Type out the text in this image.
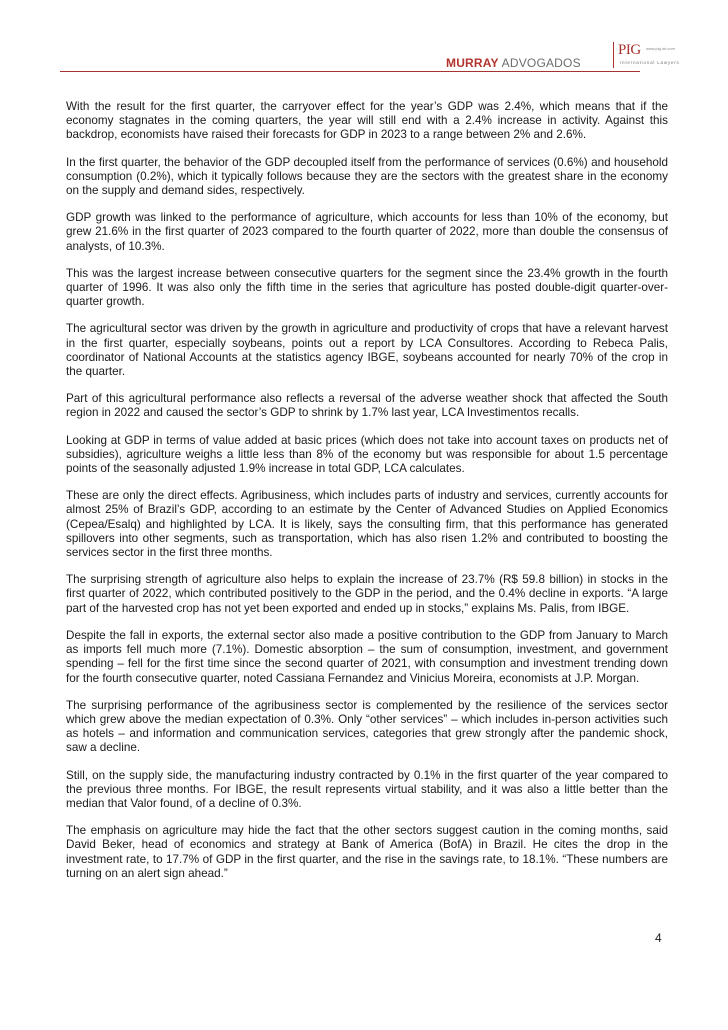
MURRAY ADVOGADOS
PIG www.pig.int.com
International Lawyers

With the result for the first quarter, the carryover effect for the year’s GDP was 2.4%, which means that if the economy stagnates in the coming quarters, the year will still end with a 2.4% increase in activity. Against this backdrop, economists have raised their forecasts for GDP in 2023 to a range between 2% and 2.6%.

In the first quarter, the behavior of the GDP decoupled itself from the performance of services (0.6%) and household consumption (0.2%), which it typically follows because they are the sectors with the greatest share in the economy on the supply and demand sides, respectively.

GDP growth was linked to the performance of agriculture, which accounts for less than 10% of the economy, but grew 21.6% in the first quarter of 2023 compared to the fourth quarter of 2022, more than double the consensus of analysts, of 10.3%.

This was the largest increase between consecutive quarters for the segment since the 23.4% growth in the fourth quarter of 1996. It was also only the fifth time in the series that agriculture has posted double-digit quarter-over-quarter growth.

The agricultural sector was driven by the growth in agriculture and productivity of crops that have a relevant harvest in the first quarter, especially soybeans, points out a report by LCA Consultores. According to Rebeca Palis, coordinator of National Accounts at the statistics agency IBGE, soybeans accounted for nearly 70% of the crop in the quarter.

Part of this agricultural performance also reflects a reversal of the adverse weather shock that affected the South region in 2022 and caused the sector’s GDP to shrink by 1.7% last year, LCA Investimentos recalls.

Looking at GDP in terms of value added at basic prices (which does not take into account taxes on products net of subsidies), agriculture weighs a little less than 8% of the economy but was responsible for about 1.5 percentage points of the seasonally adjusted 1.9% increase in total GDP, LCA calculates.

These are only the direct effects. Agribusiness, which includes parts of industry and services, currently accounts for almost 25% of Brazil’s GDP, according to an estimate by the Center of Advanced Studies on Applied Economics (Cepea/Esalq) and highlighted by LCA. It is likely, says the consulting firm, that this performance has generated spillovers into other segments, such as transportation, which has also risen 1.2% and contributed to boosting the services sector in the first three months.

The surprising strength of agriculture also helps to explain the increase of 23.7% (R$ 59.8 billion) in stocks in the first quarter of 2022, which contributed positively to the GDP in the period, and the 0.4% decline in exports. “A large part of the harvested crop has not yet been exported and ended up in stocks,” explains Ms. Palis, from IBGE.

Despite the fall in exports, the external sector also made a positive contribution to the GDP from January to March as imports fell much more (7.1%). Domestic absorption – the sum of consumption, investment, and government spending – fell for the first time since the second quarter of 2021, with consumption and investment trending down for the fourth consecutive quarter, noted Cassiana Fernandez and Vinicius Moreira, economists at J.P. Morgan.

The surprising performance of the agribusiness sector is complemented by the resilience of the services sector which grew above the median expectation of 0.3%. Only “other services” – which includes in-person activities such as hotels – and information and communication services, categories that grew strongly after the pandemic shock, saw a decline.

Still, on the supply side, the manufacturing industry contracted by 0.1% in the first quarter of the year compared to the previous three months. For IBGE, the result represents virtual stability, and it was also a little better than the median that Valor found, of a decline of 0.3%.

The emphasis on agriculture may hide the fact that the other sectors suggest caution in the coming months, said David Beker, head of economics and strategy at Bank of America (BofA) in Brazil. He cites the drop in the investment rate, to 17.7% of GDP in the first quarter, and the rise in the savings rate, to 18.1%. “These numbers are turning on an alert sign ahead.”

4
